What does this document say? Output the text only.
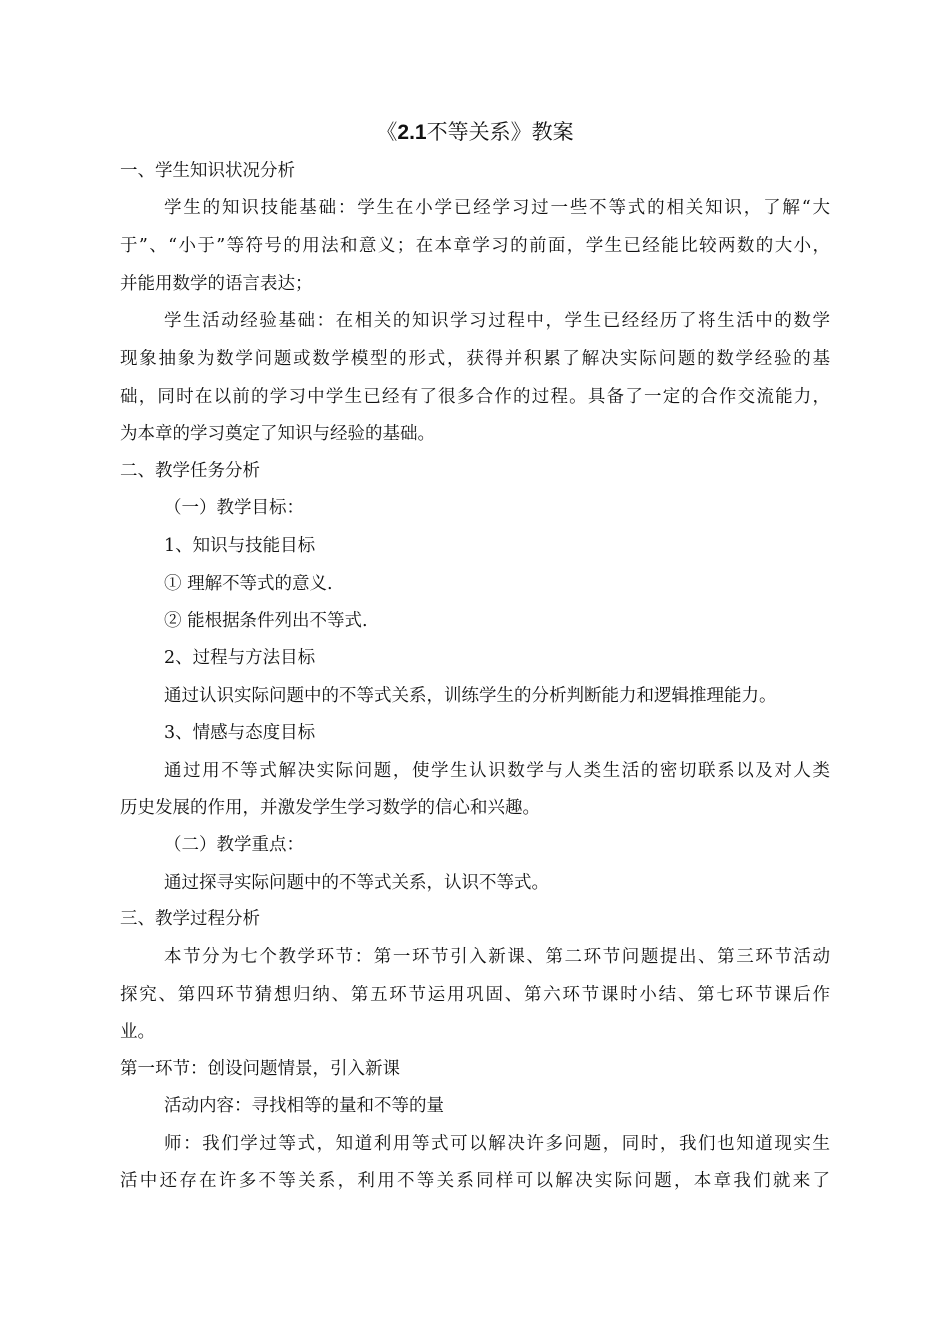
《2.1不等关系》教案
一、学生知识状况分析
学生的知识技能基础：学生在小学已经学习过一些不等式的相关知识，了解“大
于”、“小于”等符号的用法和意义；在本章学习的前面，学生已经能比较两数的大小，
并能用数学的语言表达；
学生活动经验基础：在相关的知识学习过程中，学生已经经历了将生活中的数学
现象抽象为数学问题或数学模型的形式，获得并积累了解决实际问题的数学经验的基
础，同时在以前的学习中学生已经有了很多合作的过程。具备了一定的合作交流能力，
为本章的学习奠定了知识与经验的基础。
二、教学任务分析
（一）教学目标：
1、知识与技能目标
① 理解不等式的意义.
② 能根据条件列出不等式.
2、过程与方法目标
通过认识实际问题中的不等式关系，训练学生的分析判断能力和逻辑推理能力。
3、情感与态度目标
通过用不等式解决实际问题，使学生认识数学与人类生活的密切联系以及对人类
历史发展的作用，并激发学生学习数学的信心和兴趣。
（二）教学重点：
通过探寻实际问题中的不等式关系，认识不等式。
三、教学过程分析
本节分为七个教学环节：第一环节引入新课、第二环节问题提出、第三环节活动
探究、第四环节猜想归纳、第五环节运用巩固、第六环节课时小结、第七环节课后作
业。
第一环节：创设问题情景，引入新课
活动内容：寻找相等的量和不等的量
师：我们学过等式，知道利用等式可以解决许多问题，同时，我们也知道现实生
活中还存在许多不等关系，利用不等关系同样可以解决实际问题，本章我们就来了
